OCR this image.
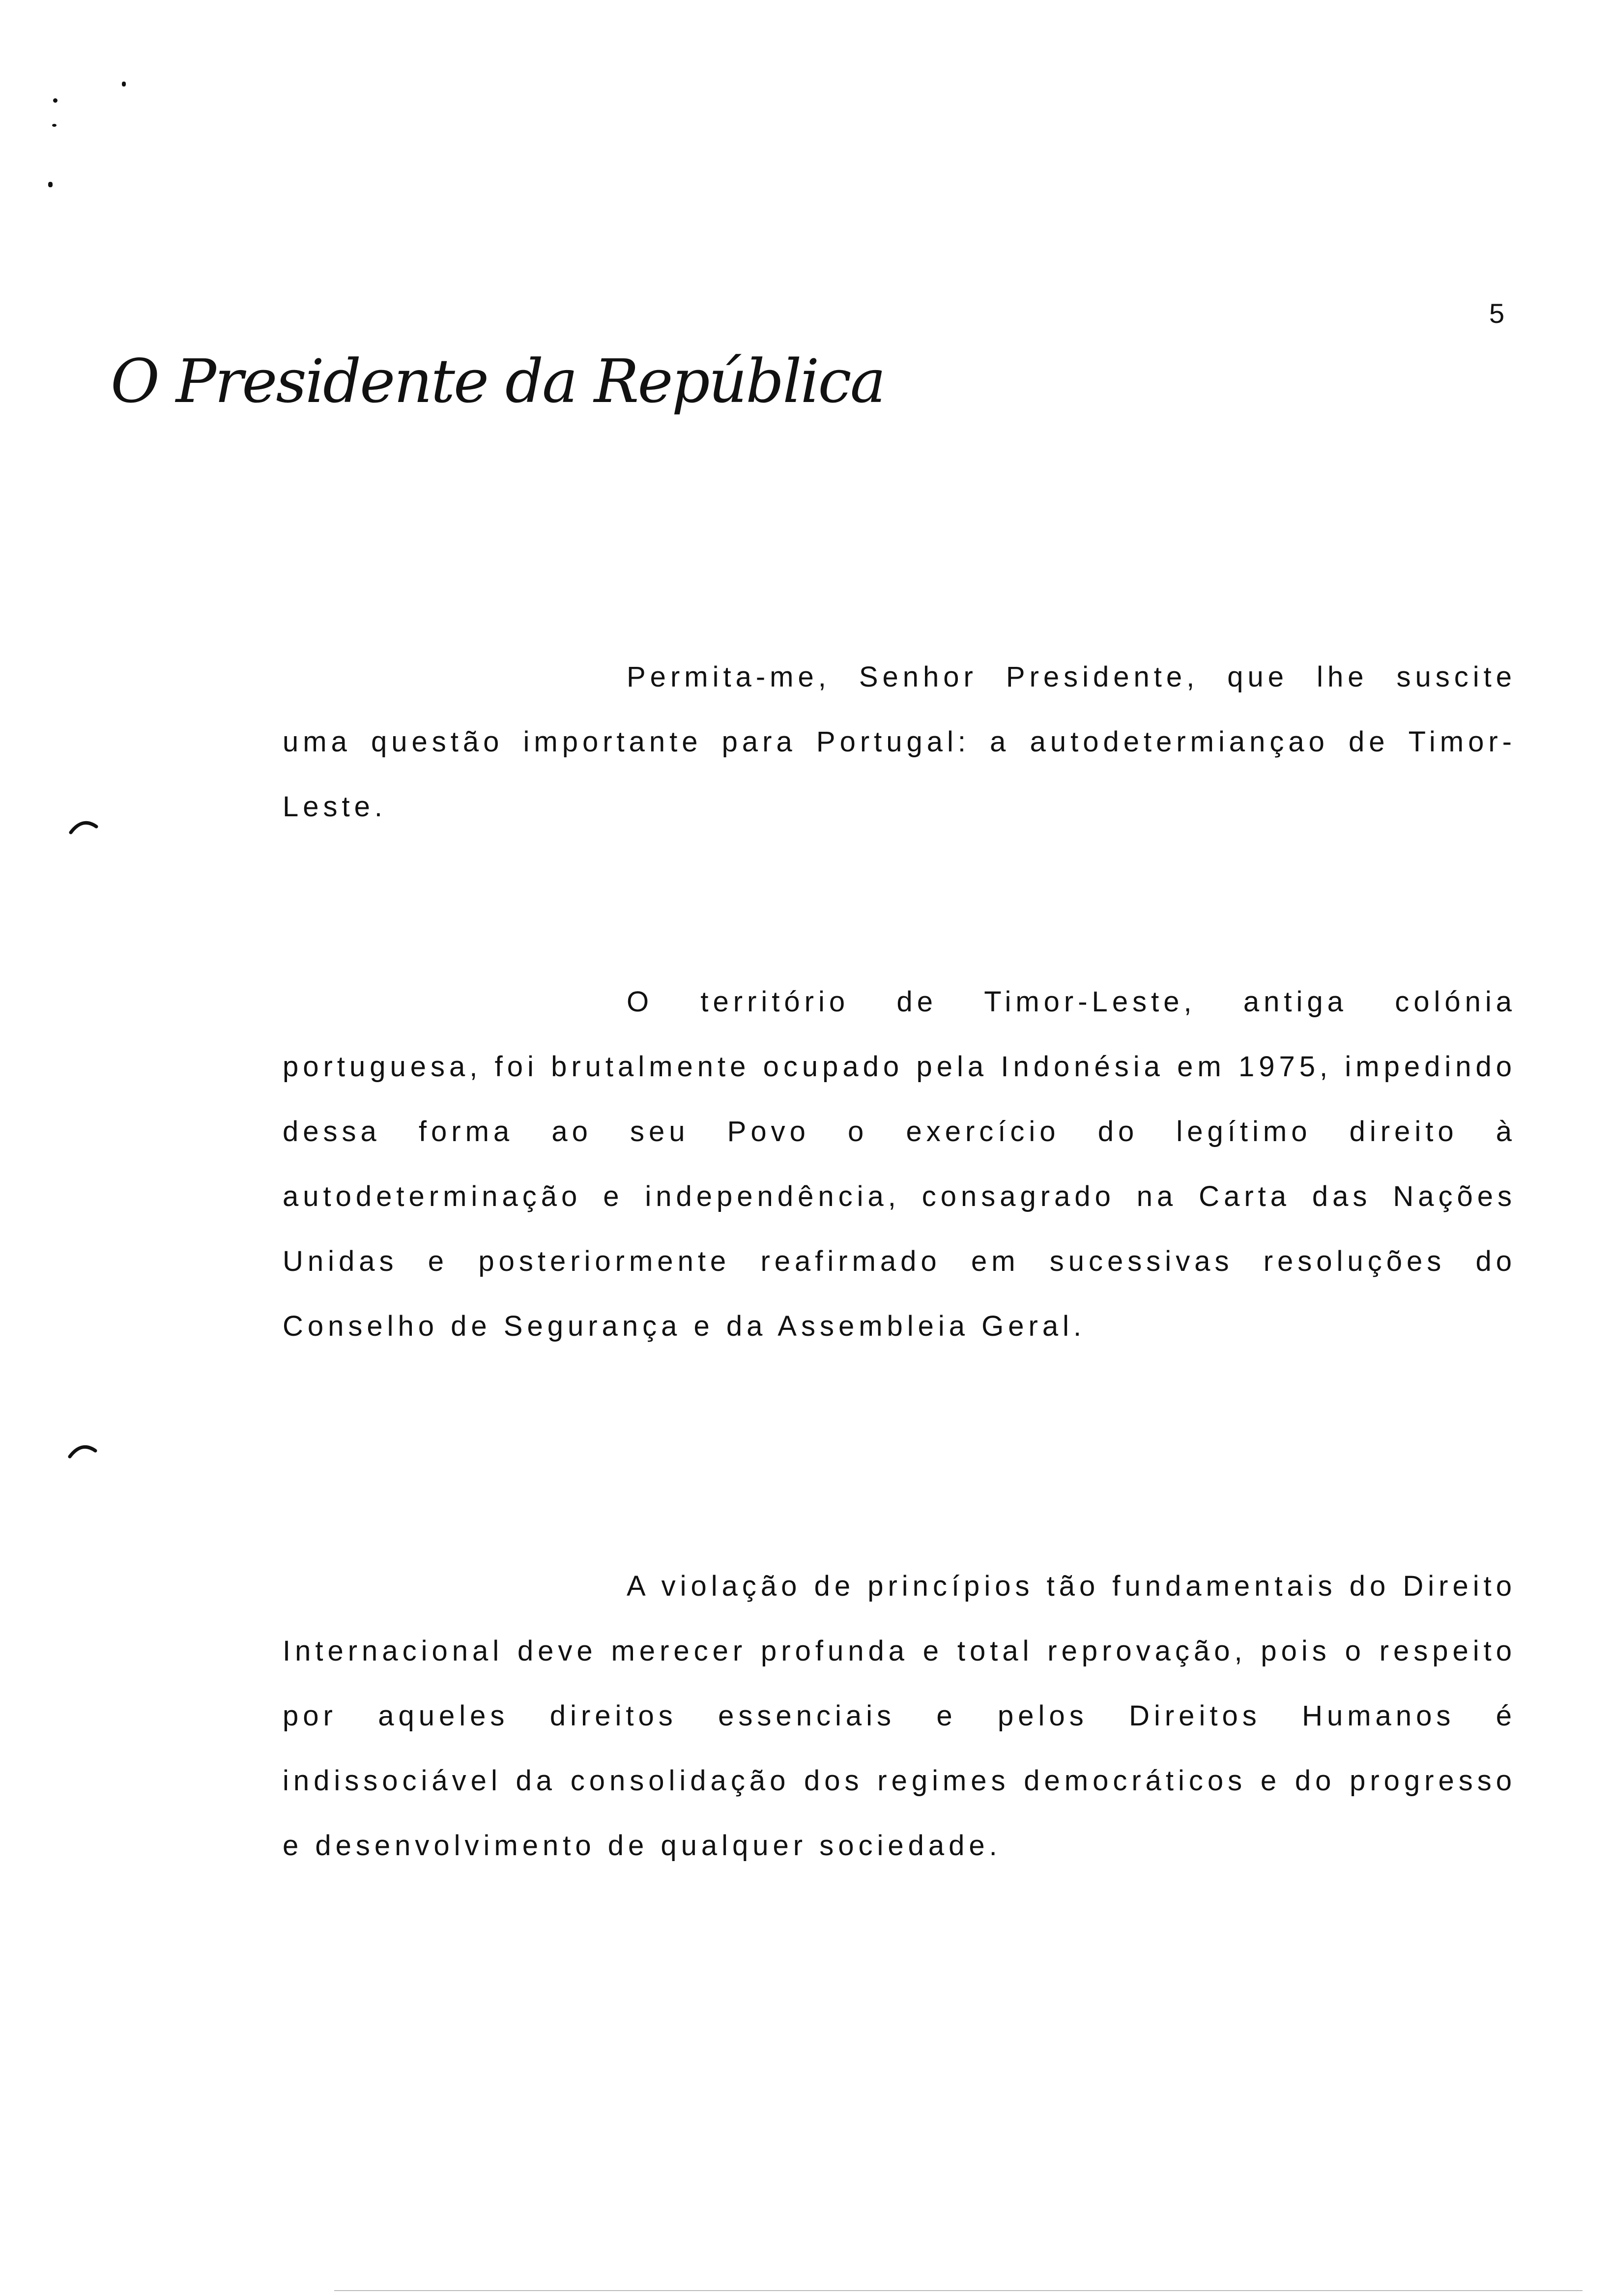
5
O Presidente da República

Permita-me, Senhor Presidente, que lhe suscite uma questão importante para Portugal: a autodetermiançao de Timor-Leste.

O território de Timor-Leste, antiga colónia portuguesa, foi brutalmente ocupado pela Indonésia em 1975, impedindo dessa forma ao seu Povo o exercício do legítimo direito à autodeterminação e independência, consagrado na Carta das Nações Unidas e posteriormente reafirmado em sucessivas resoluções do Conselho de Segurança e da Assembleia Geral.

A violação de princípios tão fundamentais do Direito Internacional deve merecer profunda e total reprovação, pois o respeito por aqueles direitos essenciais e pelos Direitos Humanos é indissociável da consolidação dos regimes democráticos e do progresso e desenvolvimento de qualquer sociedade.
